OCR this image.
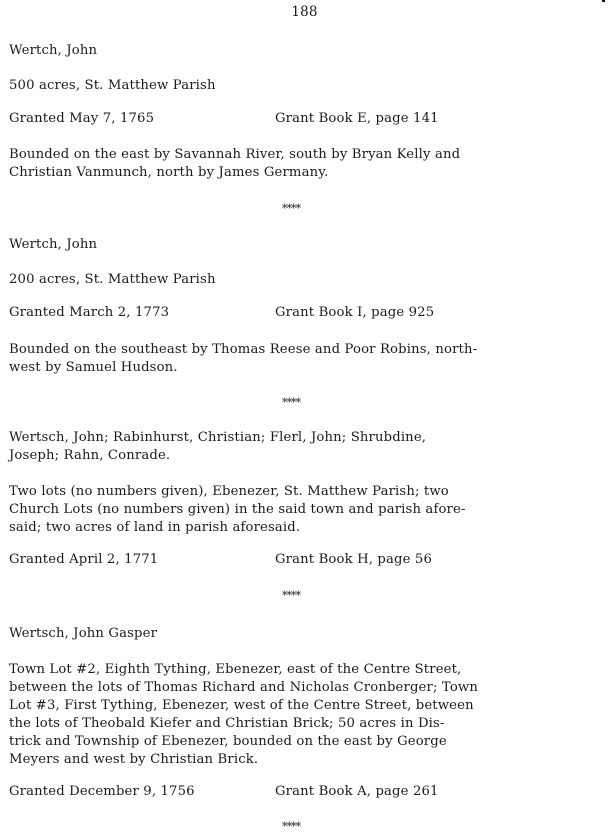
188
Wertch, John
500 acres, St. Matthew Parish
Granted May 7, 1765	Grant Book E, page 141
Bounded on the east by Savannah River, south by Bryan Kelly and
Christian Vanmunch, north by James Germany.
****
Wertch, John
200 acres, St. Matthew Parish
Granted March 2, 1773	Grant Book I, page 925
Bounded on the southeast by Thomas Reese and Poor Robins, north-
west by Samuel Hudson.
****
Wertsch, John; Rabinhurst, Christian; Flerl, John; Shrubdine,
Joseph; Rahn, Conrade.
Two lots (no numbers given), Ebenezer, St. Matthew Parish; two
Church Lots (no numbers given) in the said town and parish afore-
said; two acres of land in parish aforesaid.
Granted April 2, 1771	Grant Book H, page 56
****
Wertsch, John Gasper
Town Lot #2, Eighth Tything, Ebenezer, east of the Centre Street,
between the lots of Thomas Richard and Nicholas Cronberger; Town
Lot #3, First Tything, Ebenezer, west of the Centre Street, between
the lots of Theobald Kiefer and Christian Brick; 50 acres in Dis-
trick and Township of Ebenezer, bounded on the east by George
Meyers and west by Christian Brick.
Granted December 9, 1756	Grant Book A, page 261
****
